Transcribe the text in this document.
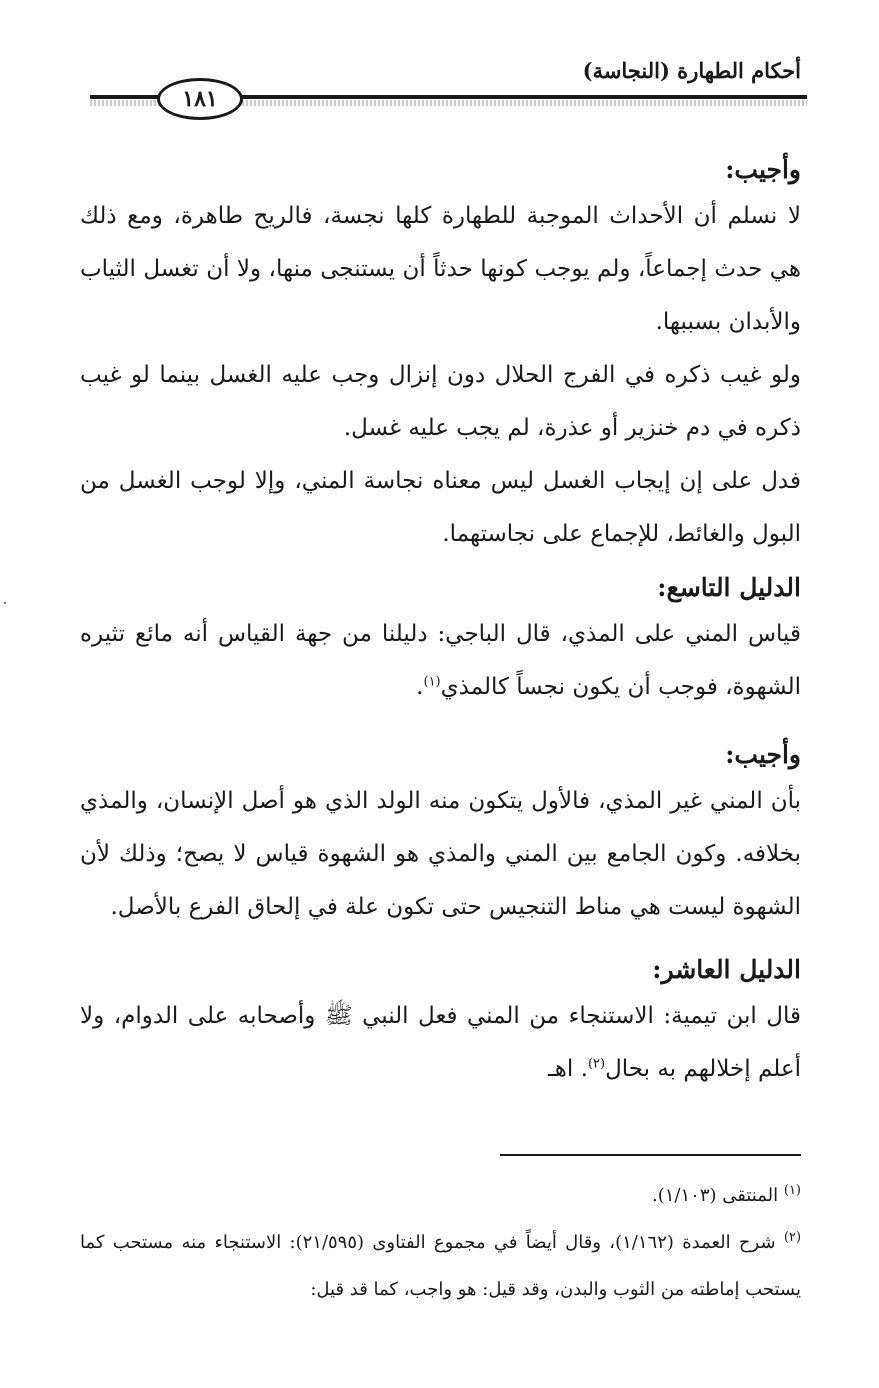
أحكام الطهارة (النجاسة)
١٨١

وأجيب:

لا نسلم أن الأحداث الموجبة للطهارة كلها نجسة، فالريح طاهرة، ومع ذلك هي حدث إجماعاً، ولم يوجب كونها حدثاً أن يستنجى منها، ولا أن تغسل الثياب والأبدان بسببها.

ولو غيب ذكره في الفرج الحلال دون إنزال وجب عليه الغسل بينما لو غيب ذكره في دم خنزير أو عذرة، لم يجب عليه غسل.

فدل على إن إيجاب الغسل ليس معناه نجاسة المني، وإلا لوجب الغسل من البول والغائط، للإجماع على نجاستهما.

الدليل التاسع:

قياس المني على المذي، قال الباجي: دليلنا من جهة القياس أنه مائع تثيره الشهوة، فوجب أن يكون نجساً كالمذي$^{(١)}$.

وأجيب:

بأن المني غير المذي، فالأول يتكون منه الولد الذي هو أصل الإنسان، والمذي بخلافه. وكون الجامع بين المني والمذي هو الشهوة قياس لا يصح؛ وذلك لأن الشهوة ليست هي مناط التنجيس حتى تكون علة في إلحاق الفرع بالأصل.

الدليل العاشر:

قال ابن تيمية: الاستنجاء من المني فعل النبي ﷺ وأصحابه على الدوام، ولا أعلم إخلالهم به بحال$^{(٢)}$. اهـ

$^{(١)}$ المنتقى (١/١٠٣).

$^{(٢)}$ شرح العمدة (١/١٦٢)، وقال أيضاً في مجموع الفتاوى (٢١/٥٩٥): الاستنجاء منه مستحب كما يستحب إماطته من الثوب والبدن، وقد قيل: هو واجب، كما قد قيل:
